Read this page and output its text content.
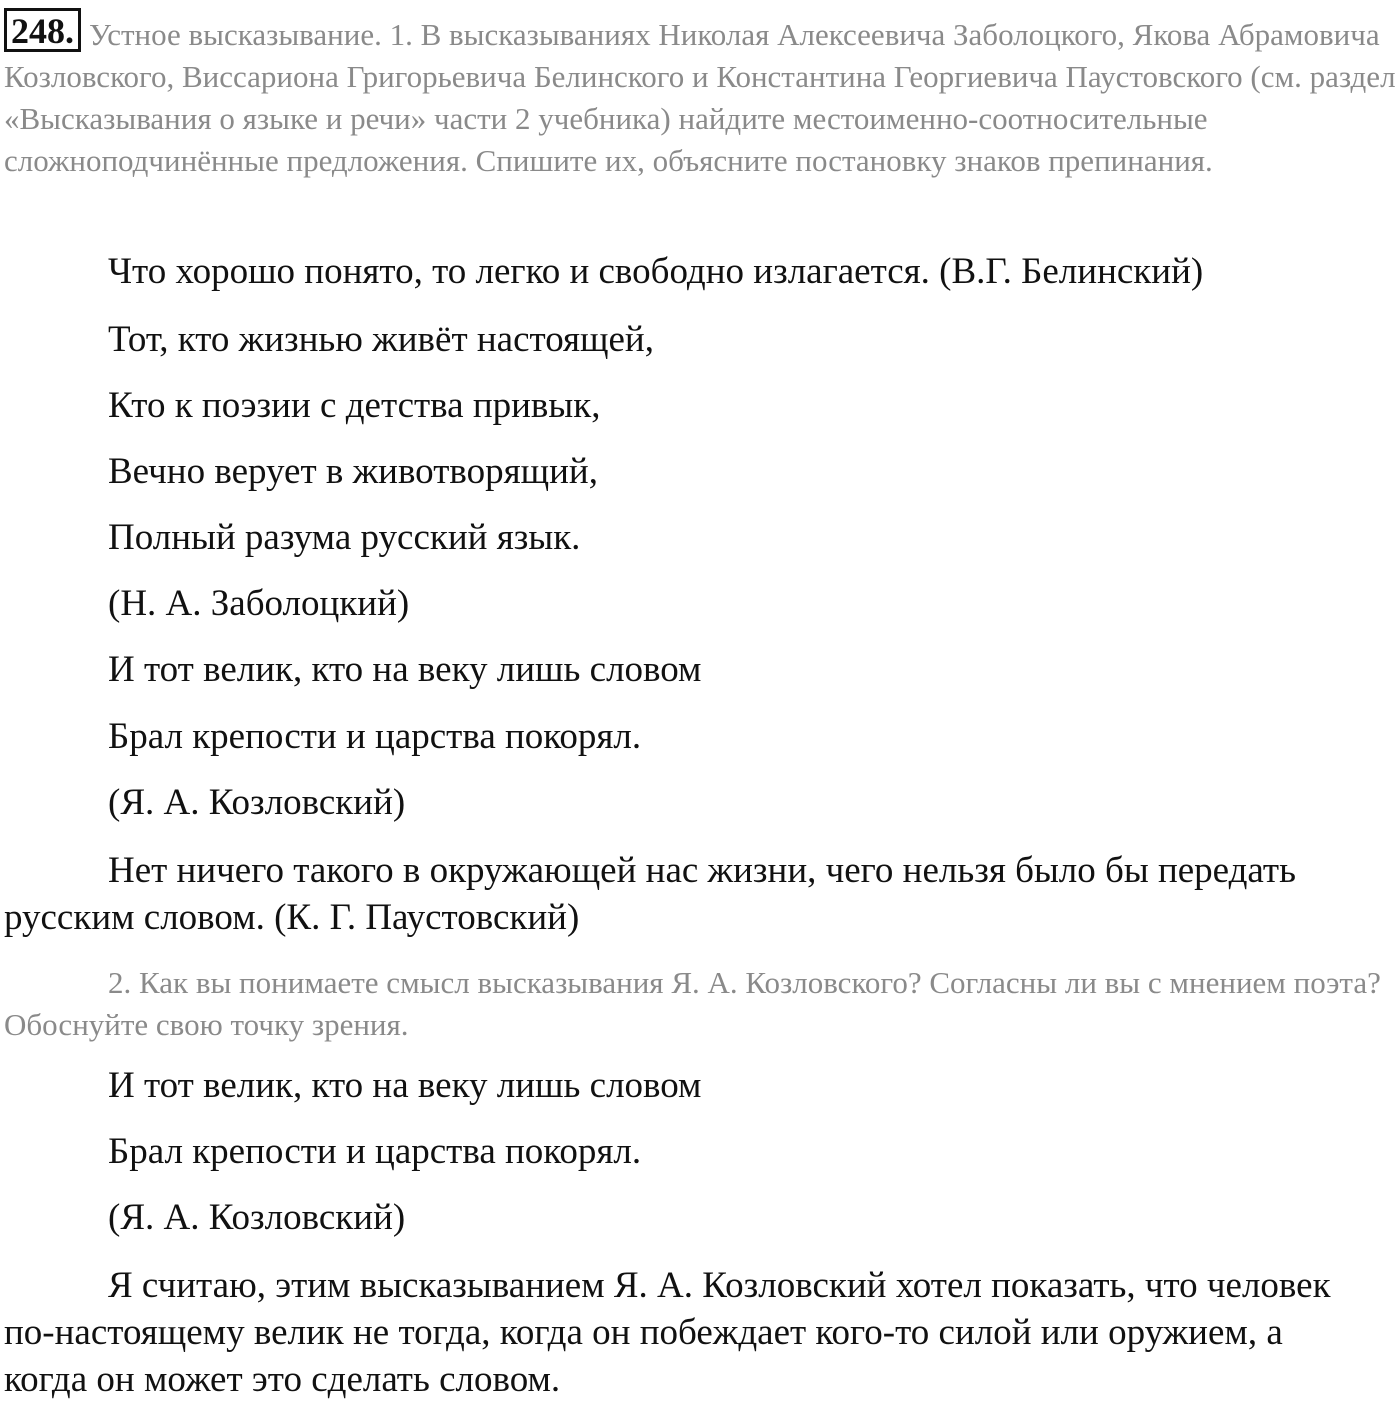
248. Устное высказывание. 1. В высказываниях Николая Алексеевича Заболоцкого, Якова Абрамовича Козловского, Виссариона Григорьевича Белинского и Константина Георгиевича Паустовского (см. раздел «Высказывания о языке и речи» части 2 учебника) найдите местоименно-соотносительные сложноподчинённые предложения. Спишите их, объясните постановку знаков препинания.

Что хорошо понято, то легко и свободно излагается. (В.Г. Белинский)

Тот, кто жизнью живёт настоящей,

Кто к поэзии с детства привык,

Вечно верует в животворящий,

Полный разума русский язык.

(Н. А. Заболоцкий)

И тот велик, кто на веку лишь словом

Брал крепости и царства покорял.

(Я. А. Козловский)

Нет ничего такого в окружающей нас жизни, чего нельзя было бы передать русским словом. (К. Г. Паустовский)

2. Как вы понимаете смысл высказывания Я. А. Козловского? Согласны ли вы с мнением поэта? Обоснуйте свою точку зрения.

И тот велик, кто на веку лишь словом

Брал крепости и царства покорял.

(Я. А. Козловский)

Я считаю, этим высказыванием Я. А. Козловский хотел показать, что человек по-настоящему велик не тогда, когда он побеждает кого-то силой или оружием, а когда он может это сделать словом.
